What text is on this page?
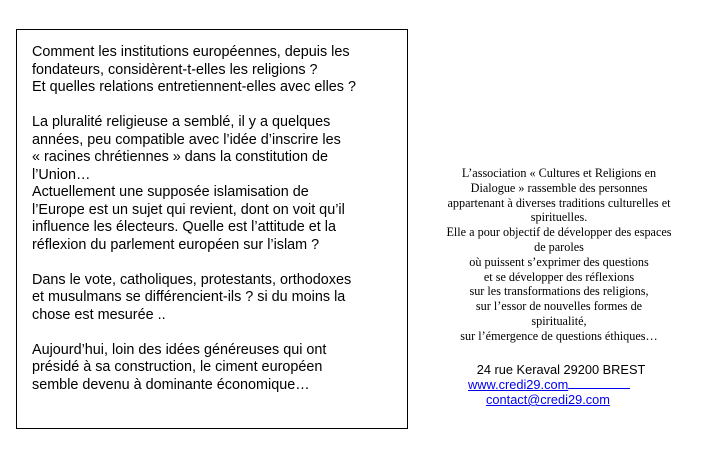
Comment les institutions européennes, depuis les
fondateurs, considèrent-t-elles les religions ?
Et quelles relations entretiennent-elles avec elles ?

La pluralité religieuse a semblé, il y a quelques
années, peu compatible avec l’idée d’inscrire les
« racines chrétiennes » dans la constitution de
l’Union…

Actuellement une supposée islamisation de
l’Europe est un sujet qui revient, dont on voit qu’il
influence les électeurs. Quelle est l’attitude et la
réflexion du parlement européen sur l’islam ?

Dans le vote, catholiques, protestants, orthodoxes
et musulmans se différencient-ils ? si du moins la
chose est mesurée ..

Aujourd’hui, loin des idées généreuses qui ont
présidé à sa construction, le ciment européen
semble devenu à dominante économique…

L’association « Cultures et Religions en
Dialogue » rassemble des personnes
appartenant à diverses traditions culturelles et
spirituelles.
Elle a pour objectif de développer des espaces
de paroles
où puissent s’exprimer des questions
et se développer des réflexions
sur les transformations des religions,
sur l’essor de nouvelles formes de
spiritualité,
sur l’émergence de questions éthiques…
24 rue Keraval 29200 BREST
www.credi29.com
contact@credi29.com
